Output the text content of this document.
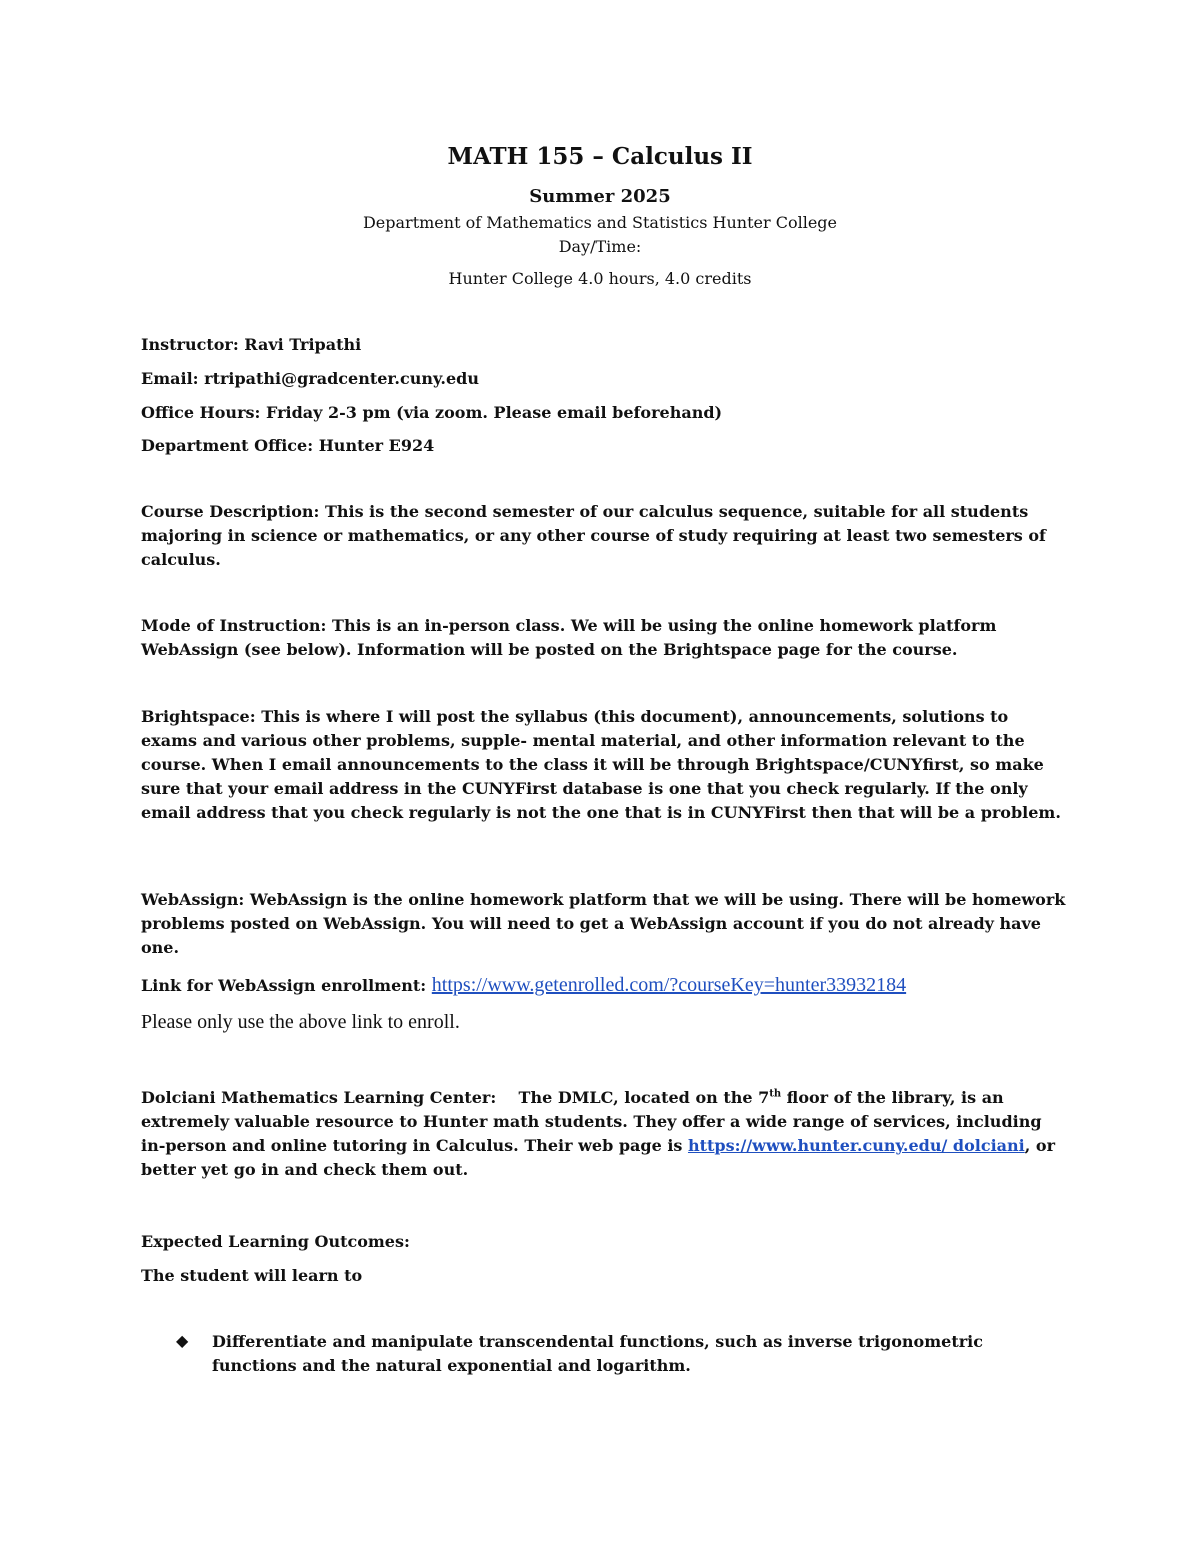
MATH 155 – Calculus II
Summer 2025
Department of Mathematics and Statistics Hunter College
Day/Time:
Hunter College 4.0 hours, 4.0 credits
Instructor: Ravi Tripathi
Email: rtripathi@gradcenter.cuny.edu
Office Hours: Friday 2-3 pm (via zoom. Please email beforehand)
Department Office: Hunter E924
Course Description: This is the second semester of our calculus sequence, suitable for all students majoring in science or mathematics, or any other course of study requiring at least two semesters of calculus.
Mode of Instruction: This is an in-person class. We will be using the online homework platform WebAssign (see below). Information will be posted on the Brightspace page for the course.
Brightspace: This is where I will post the syllabus (this document), announcements, solutions to exams and various other problems, supple- mental material, and other information relevant to the course. When I email announcements to the class it will be through Brightspace/CUNYfirst, so make sure that your email address in the CUNYFirst database is one that you check regularly. If the only email address that you check regularly is not the one that is in CUNYFirst then that will be a problem.
WebAssign: WebAssign is the online homework platform that we will be using. There will be homework problems posted on WebAssign. You will need to get a WebAssign account if you do not already have one.
Link for WebAssign enrollment: https://www.getenrolled.com/?courseKey=hunter33932184
Please only use the above link to enroll.
Dolciani Mathematics Learning Center: The DMLC, located on the 7th floor of the library, is an extremely valuable resource to Hunter math students. They offer a wide range of services, including in-person and online tutoring in Calculus. Their web page is https://www.hunter.cuny.edu/ dolciani, or better yet go in and check them out.
Expected Learning Outcomes:
The student will learn to
◆ Differentiate and manipulate transcendental functions, such as inverse trigonometric functions and the natural exponential and logarithm.
